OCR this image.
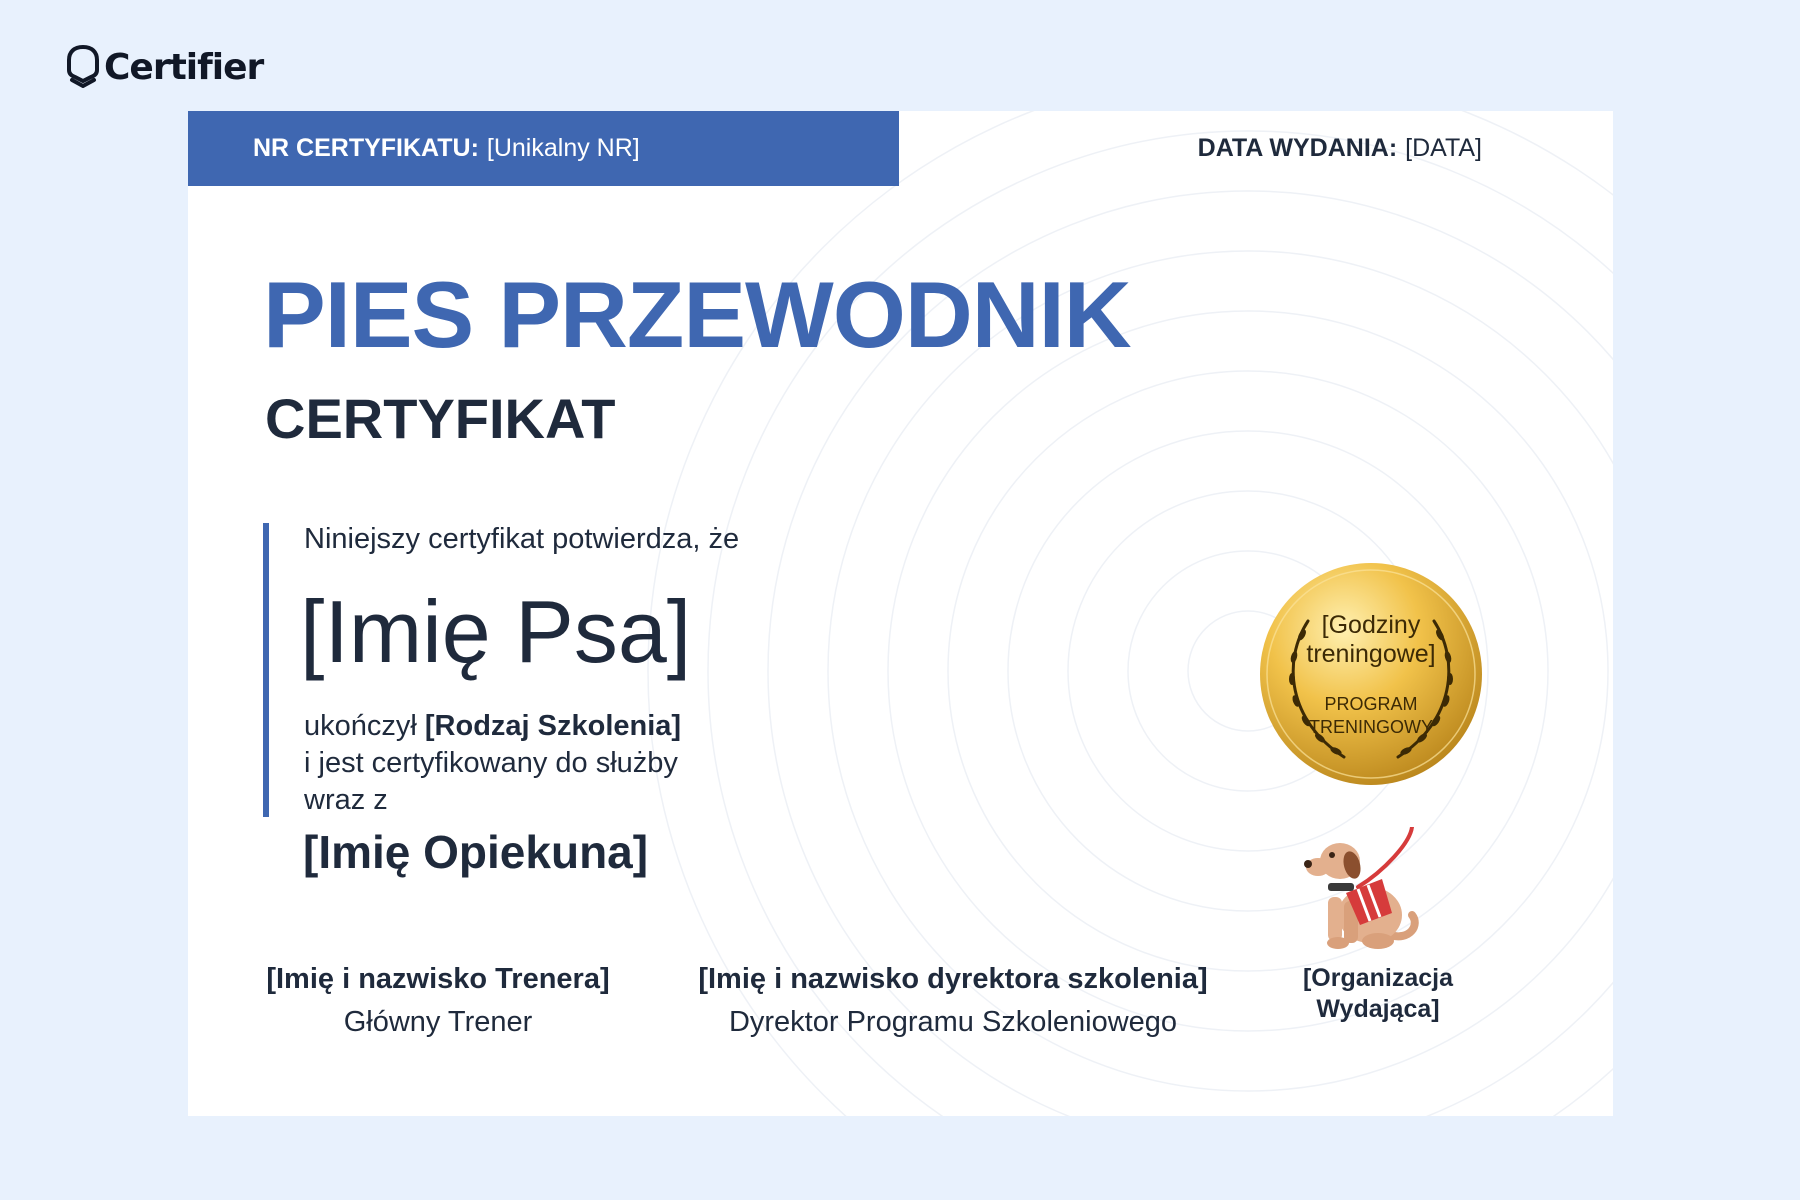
Certifier
NR CERTYFIKATU: [Unikalny NR]	DATA WYDANIA: [DATA]
PIES PRZEWODNIK
CERTYFIKAT
Niniejszy certyfikat potwierdza, że
[Imię Psa]
ukończył [Rodzaj Szkolenia]
i jest certyfikowany do służby
wraz z
[Imię Opiekuna]
[Godziny
treningowe]
PROGRAM
TRENINGOWY
[Imię i nazwisko Trenera]
Główny Trener
[Imię i nazwisko dyrektora szkolenia]
Dyrektor Programu Szkoleniowego
[Organizacja
Wydająca]
